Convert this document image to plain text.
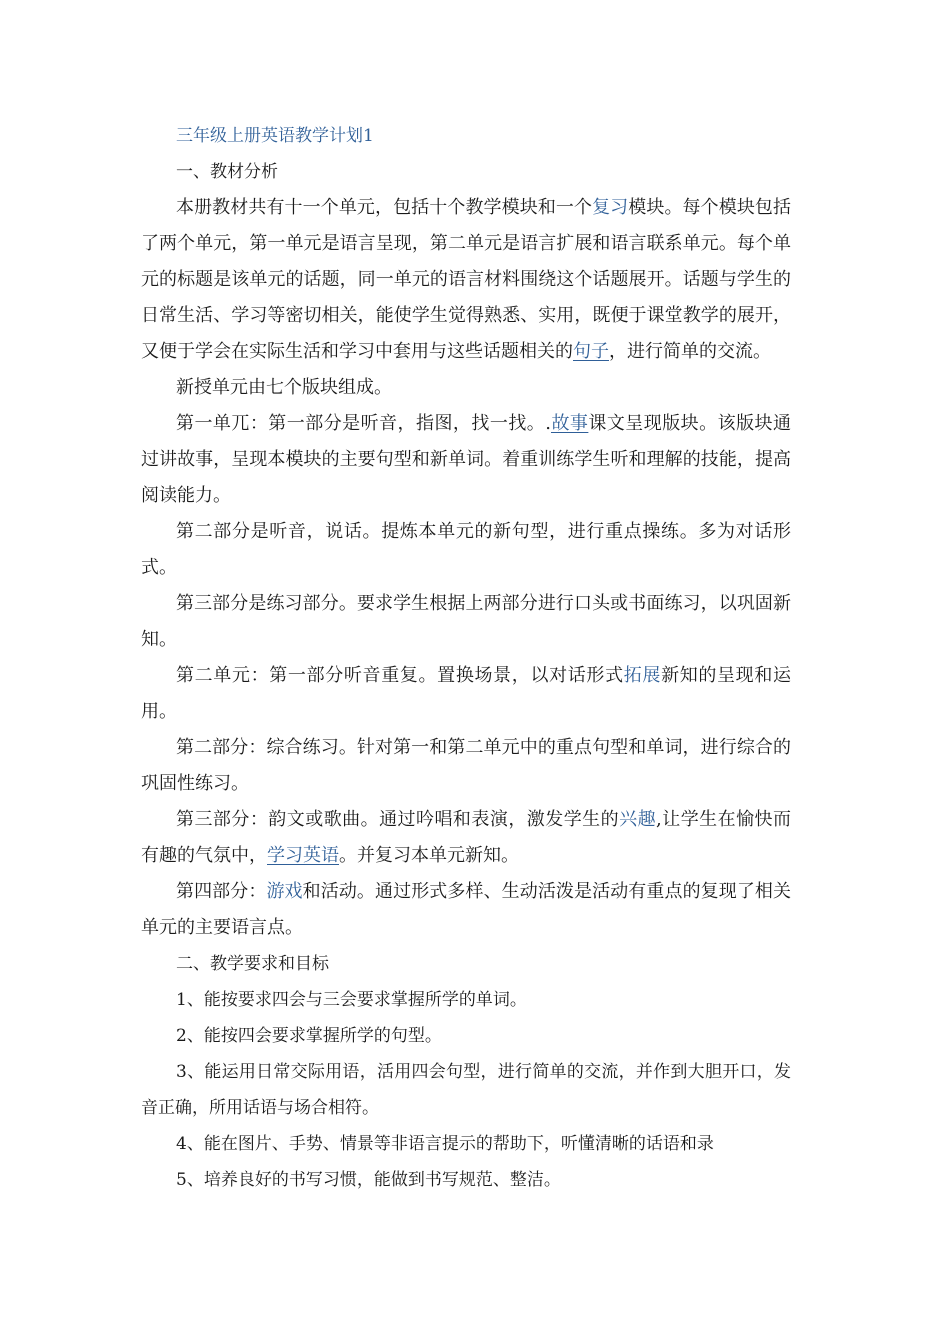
三年级上册英语教学计划1
一、教材分析

本册教材共有十一个单元，包括十个教学模块和一个复习模块。每个模块包括了两个单元，第一单元是语言呈现，第二单元是语言扩展和语言联系单元。每个单元的标题是该单元的话题，同一单元的语言材料围绕这个话题展开。话题与学生的日常生活、学习等密切相关，能使学生觉得熟悉、实用，既便于课堂教学的展开，又便于学会在实际生活和学习中套用与这些话题相关的句子，进行简单的交流。

新授单元由七个版块组成。

第一单兀：第一部分是听音，指图，找一找。.故事课文呈现版块。该版块通过讲故事，呈现本模块的主要句型和新单词。着重训练学生听和理解的技能，提高阅读能力。

第二部分是听音，说话。提炼本单元的新句型，进行重点操练。多为对话形式。

第三部分是练习部分。要求学生根据上两部分进行口头或书面练习，以巩固新知。

第二单元：第一部分听音重复。置换场景，以对话形式拓展新知的呈现和运用。

第二部分：综合练习。针对第一和第二单元中的重点句型和单词，进行综合的巩固性练习。

第三部分：韵文或歌曲。通过吟唱和表演，激发学生的兴趣,让学生在愉快而有趣的气氛中，学习英语。并复习本单元新知。

第四部分：游戏和活动。通过形式多样、生动活泼是活动有重点的复现了相关单元的主要语言点。

二、教学要求和目标

1、能按要求四会与三会要求掌握所学的单词。

2、能按四会要求掌握所学的句型。

3、能运用日常交际用语，活用四会句型，进行简单的交流，并作到大胆开口，发音正确，所用话语与场合相符。

4、能在图片、手势、情景等非语言提示的帮助下，听懂清晰的话语和录

5、培养良好的书写习惯，能做到书写规范、整洁。
